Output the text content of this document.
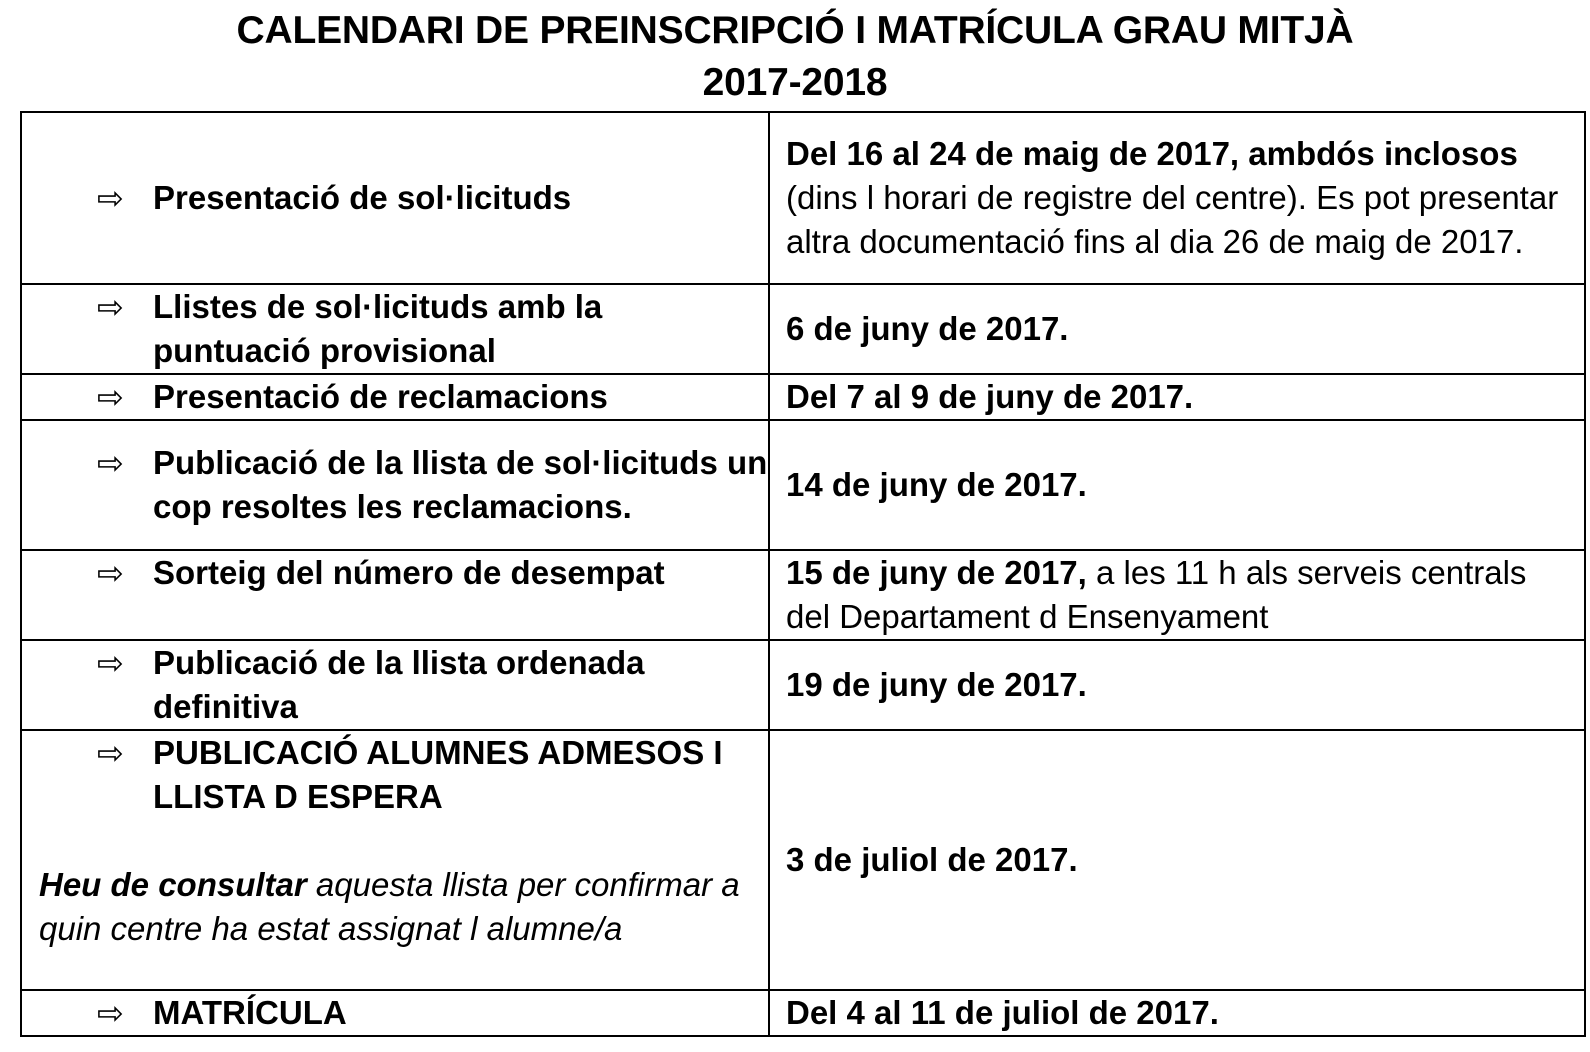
CALENDARI DE PREINSCRIPCIÓ I MATRÍCULA GRAU MITJÀ
2017-2018
⇨ Presentació de sol·licituds	Del 16 al 24 de maig de 2017, ambdós inclosos (dins l horari de registre del centre). Es pot presentar altra documentació fins al dia 26 de maig de 2017.

⇨ Llistes de sol·licituds amb la puntuació provisional	6 de juny de 2017.

⇨ Presentació de reclamacions	Del 7 al 9 de juny de 2017.

⇨ Publicació de la llista de sol·licituds un cop resoltes les reclamacions.	14 de juny de 2017.

⇨ Sorteig del número de desempat	15 de juny de 2017, a les 11 h als serveis centrals del Departament d Ensenyament

⇨ Publicació de la llista ordenada definitiva	19 de juny de 2017.

⇨ PUBLICACIÓ ALUMNES ADMESOS I LLISTA D ESPERA
Heu de consultar aquesta llista per confirmar a quin centre ha estat assignat l alumne/a	3 de juliol de 2017.

⇨ MATRÍCULA	Del 4 al 11 de juliol de 2017.
